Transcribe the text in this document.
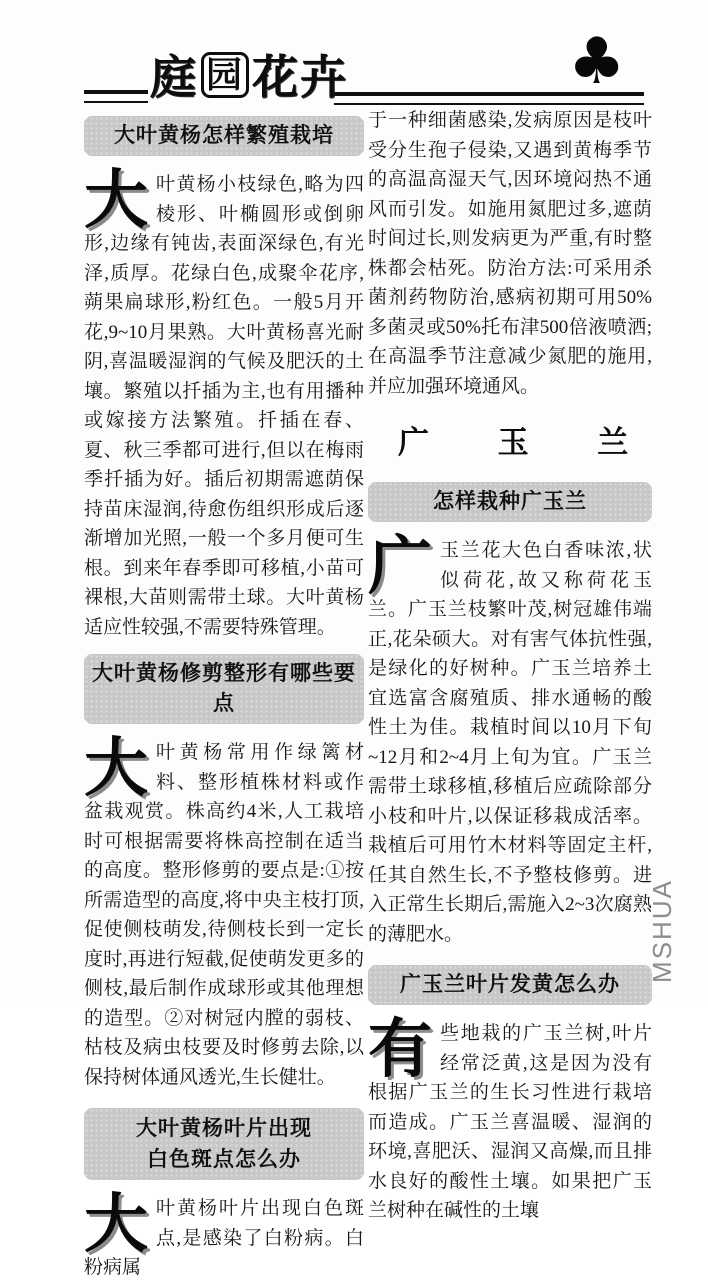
庭 园 花卉	♣
大叶黄杨怎样繁殖栽培

大叶黄杨小枝绿色,略为四棱形、叶椭圆形或倒卵形,边缘有钝齿,表面深绿色,有光泽,质厚。花绿白色,成聚伞花序,蒴果扁球形,粉红色。一般5月开花,9~10月果熟。大叶黄杨喜光耐阴,喜温暖湿润的气候及肥沃的土壤。繁殖以扦插为主,也有用播种或嫁接方法繁殖。扦插在春、夏、秋三季都可进行,但以在梅雨季扦插为好。插后初期需遮荫保持苗床湿润,待愈伤组织形成后逐渐增加光照,一般一个多月便可生根。到来年春季即可移植,小苗可裸根,大苗则需带土球。大叶黄杨适应性较强,不需要特殊管理。

大叶黄杨修剪整形有哪些要点

大叶黄杨常用作绿篱材料、整形植株材料或作盆栽观赏。株高约4米,人工栽培时可根据需要将株高控制在适当的高度。整形修剪的要点是:①按所需造型的高度,将中央主枝打顶,促使侧枝萌发,待侧枝长到一定长度时,再进行短截,促使萌发更多的侧枝,最后制作成球形或其他理想的造型。②对树冠内膛的弱枝、枯枝及病虫枝要及时修剪去除,以保持树体通风透光,生长健壮。

大叶黄杨叶片出现
白色斑点怎么办

大叶黄杨叶片出现白色斑点,是感染了白粉病。白粉病属

于一种细菌感染,发病原因是枝叶受分生孢子侵染,又遇到黄梅季节的高温高湿天气,因环境闷热不通风而引发。如施用氮肥过多,遮荫时间过长,则发病更为严重,有时整株都会枯死。防治方法:可采用杀菌剂药物防治,感病初期可用50%多菌灵或50%托布津500倍液喷洒;在高温季节注意减少氮肥的施用,并应加强环境通风。

广 玉 兰
怎样栽种广玉兰

广玉兰花大色白香味浓,状似荷花,故又称荷花玉兰。广玉兰枝繁叶茂,树冠雄伟端正,花朵硕大。对有害气体抗性强,是绿化的好树种。广玉兰培养土宜选富含腐殖质、排水通畅的酸性土为佳。栽植时间以10月下旬~12月和2~4月上旬为宜。广玉兰需带土球移植,移植后应疏除部分小枝和叶片,以保证移栽成活率。栽植后可用竹木材料等固定主杆,任其自然生长,不予整枝修剪。进入正常生长期后,需施入2~3次腐熟的薄肥水。

广玉兰叶片发黄怎么办

有些地栽的广玉兰树,叶片经常泛黄,这是因为没有根据广玉兰的生长习性进行栽培而造成。广玉兰喜温暖、湿润的环境,喜肥沃、湿润又高燥,而且排水良好的酸性土壤。如果把广玉兰树种在碱性的土壤

MSHUA
